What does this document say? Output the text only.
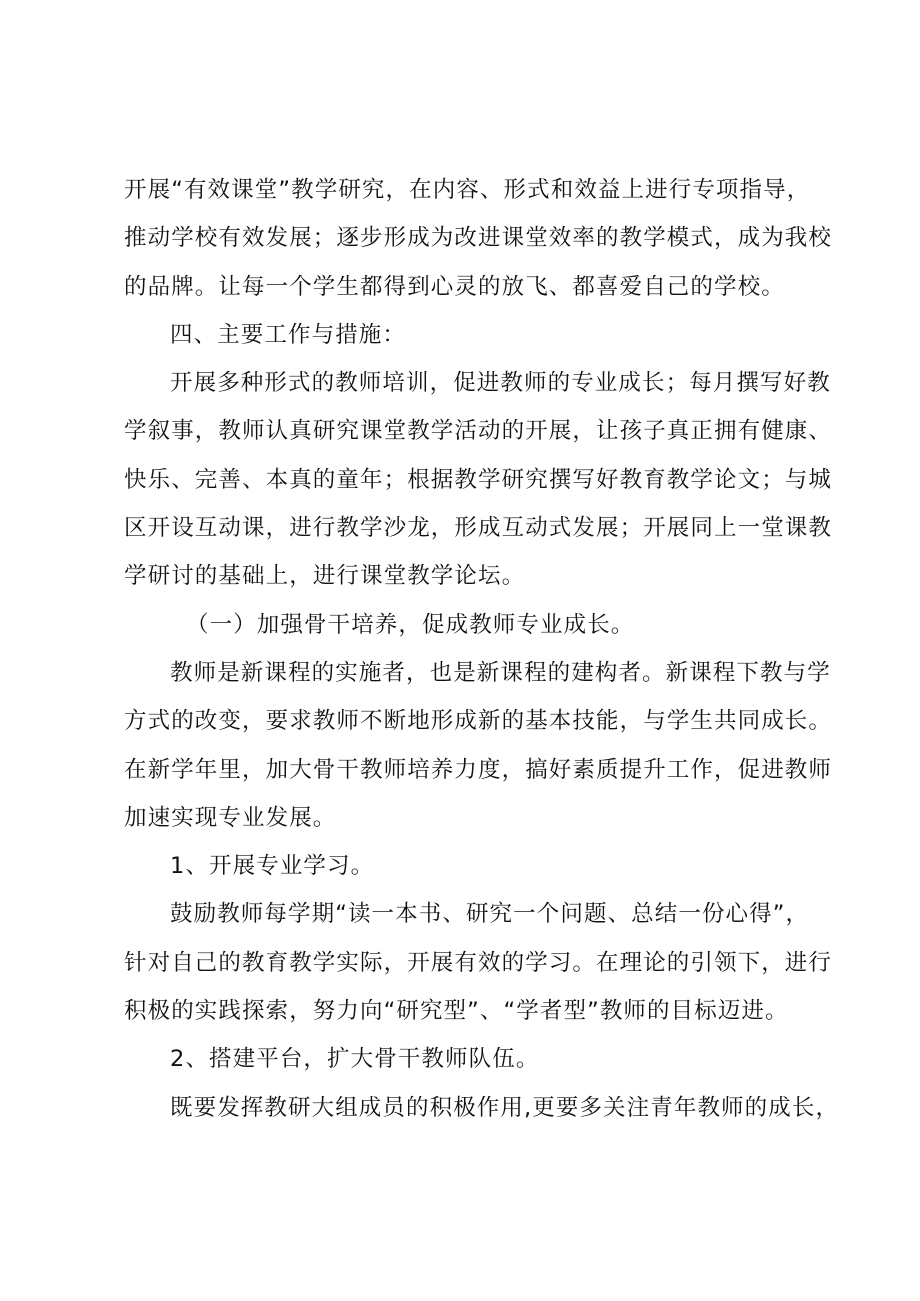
开展“有效课堂”教学研究，在内容、形式和效益上进行专项指导，
推动学校有效发展；逐步形成为改进课堂效率的教学模式，成为我校
的品牌。让每一个学生都得到心灵的放飞、都喜爱自己的学校。
四、主要工作与措施：
开展多种形式的教师培训，促进教师的专业成长；每月撰写好教
学叙事，教师认真研究课堂教学活动的开展，让孩子真正拥有健康、
快乐、完善、本真的童年；根据教学研究撰写好教育教学论文；与城
区开设互动课，进行教学沙龙，形成互动式发展；开展同上一堂课教
学研讨的基础上，进行课堂教学论坛。
（一）加强骨干培养，促成教师专业成长。
教师是新课程的实施者，也是新课程的建构者。新课程下教与学
方式的改变，要求教师不断地形成新的基本技能，与学生共同成长。
在新学年里，加大骨干教师培养力度，搞好素质提升工作，促进教师
加速实现专业发展。
1、开展专业学习。
鼓励教师每学期“读一本书、研究一个问题、总结一份心得”，
针对自己的教育教学实际，开展有效的学习。在理论的引领下，进行
积极的实践探索，努力向“研究型”、“学者型”教师的目标迈进。
2、搭建平台，扩大骨干教师队伍。
既要发挥教研大组成员的积极作用,更要多关注青年教师的成长，
